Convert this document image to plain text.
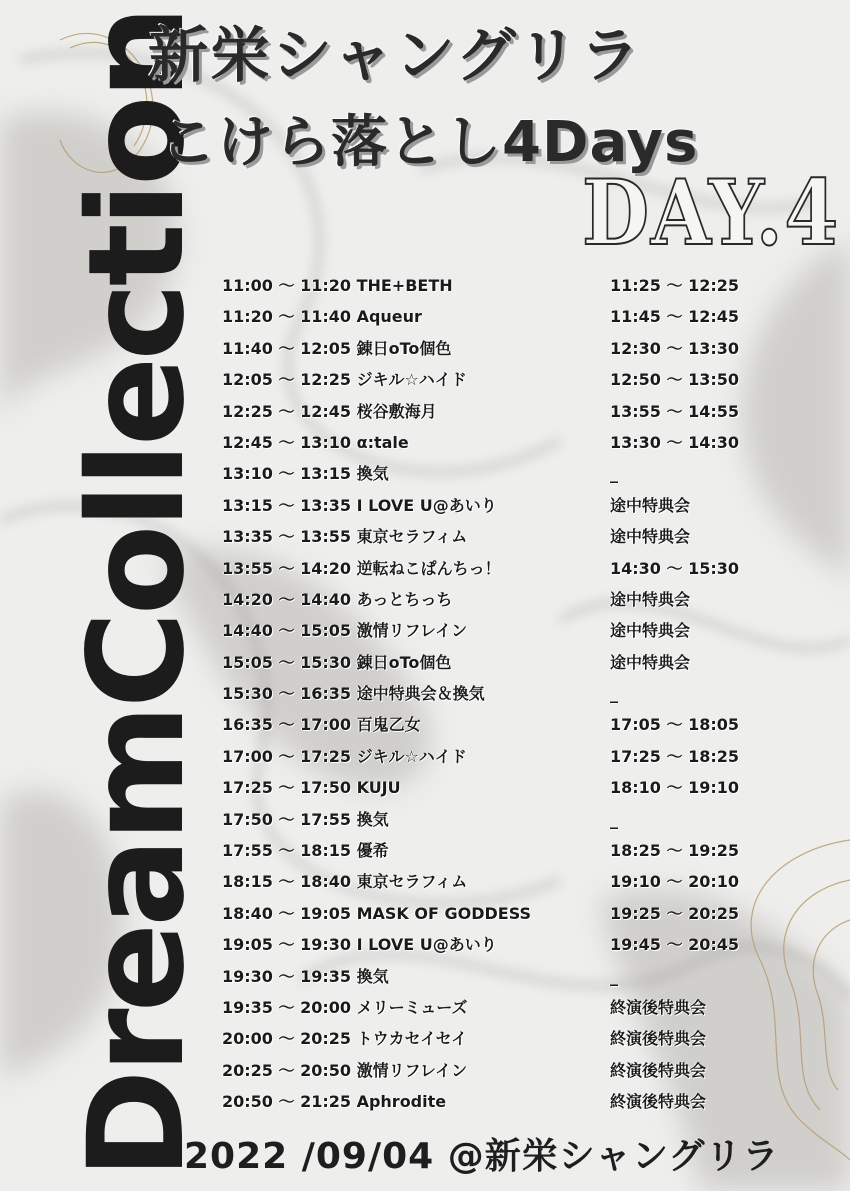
DreamCollection
新栄シャングリラ
こけら落とし4Days
DAY.4
11:00 〜 11:20 THE+BETH	11:25 〜 12:25
11:20 〜 11:40 Aqueur	11:45 〜 12:45
11:40 〜 12:05 錬日oTo個色	12:30 〜 13:30
12:05 〜 12:25 ジキル☆ハイド	12:50 〜 13:50
12:25 〜 12:45 桜谷敷海月	13:55 〜 14:55
12:45 〜 13:10 α:tale	13:30 〜 14:30
13:10 〜 13:15 換気	_
13:15 〜 13:35 I LOVE U@あいり	途中特典会
13:35 〜 13:55 東京セラフィム	途中特典会
13:55 〜 14:20 逆転ねこぱんちっ！	14:30 〜 15:30
14:20 〜 14:40 あっとちっち	途中特典会
14:40 〜 15:05 激情リフレイン	途中特典会
15:05 〜 15:30 錬日oTo個色	途中特典会
15:30 〜 16:35 途中特典会＆換気	_
16:35 〜 17:00 百鬼乙女	17:05 〜 18:05
17:00 〜 17:25 ジキル☆ハイド	17:25 〜 18:25
17:25 〜 17:50 KUJU	18:10 〜 19:10
17:50 〜 17:55 換気	_
17:55 〜 18:15 優希	18:25 〜 19:25
18:15 〜 18:40 東京セラフィム	19:10 〜 20:10
18:40 〜 19:05 MASK OF GODDESS	19:25 〜 20:25
19:05 〜 19:30 I LOVE U@あいり	19:45 〜 20:45
19:30 〜 19:35 換気	_
19:35 〜 20:00 メリーミューズ	終演後特典会
20:00 〜 20:25 トウカセイセイ	終演後特典会
20:25 〜 20:50 激情リフレイン	終演後特典会
20:50 〜 21:25 Aphrodite	終演後特典会
2022 /09/04 @新栄シャングリラ
